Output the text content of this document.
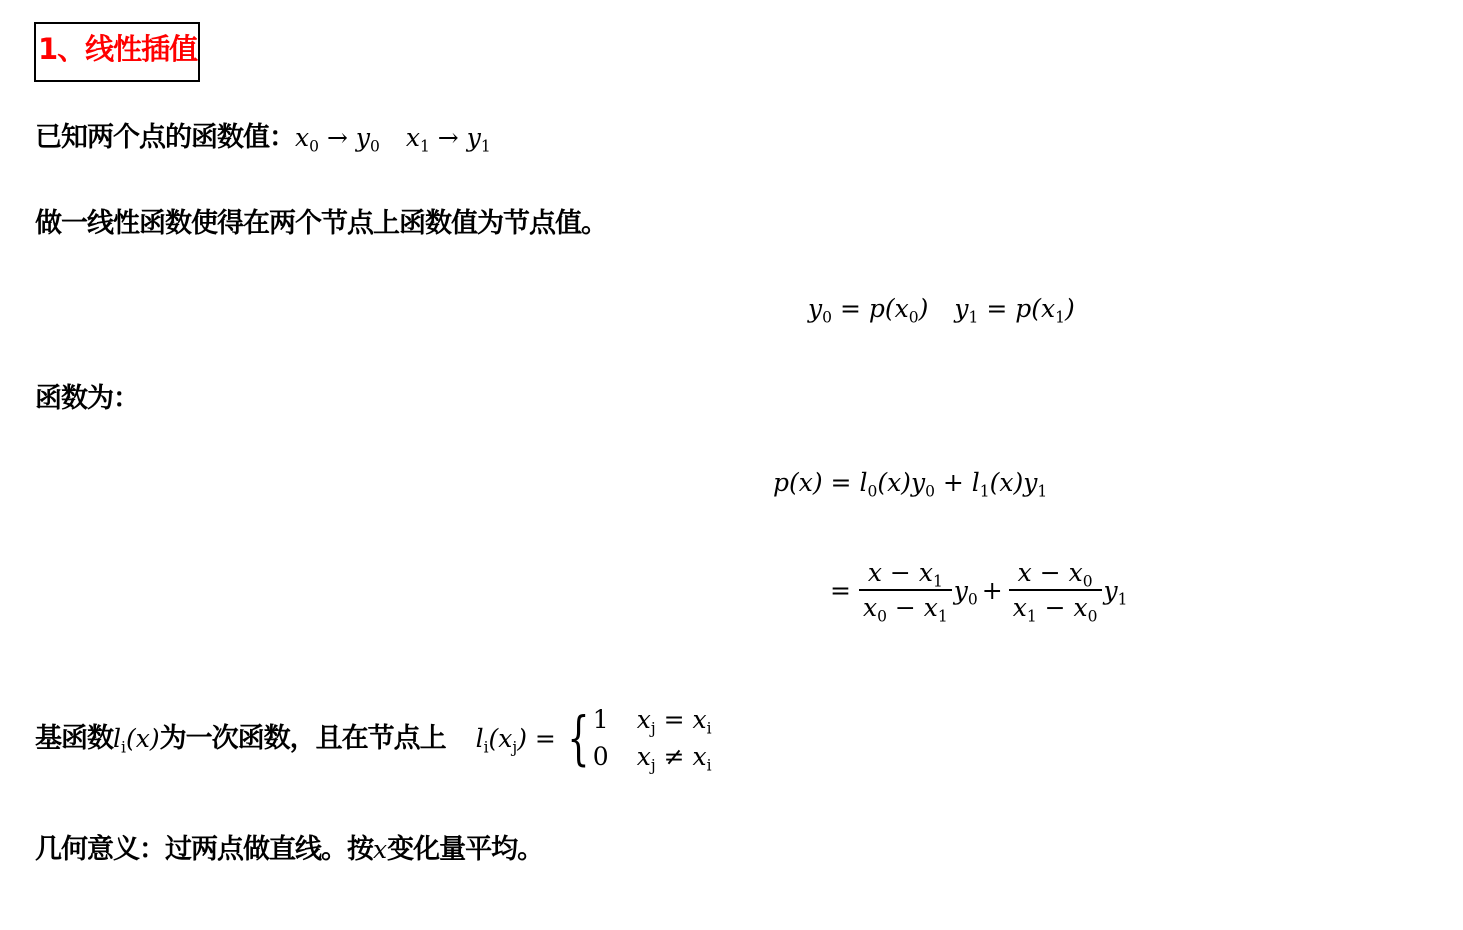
1、线性插值
已知两个点的函数值：$x_0 \to y_0$ $x_1 \to y_1$
做一线性函数使得在两个节点上函数值为节点值。
$y_0 = p(x_0) y_1 = p(x_1)$
函数为：
$p(x) = l_0(x)y_0 + l_1(x)y_1$
= $\frac{x - x_1}{x_0 - x_1} y_0 + \frac{x - x_0}{x_1 - x_0} y_1$
基函数 $l_i(x)$ 为一次函数，且在节点上 $l_i(x_j)$ = { 1 $x_j = x_i$
0 $x_j \ne x_i$
几何意义：过两点做直线。按x变化量平均。
